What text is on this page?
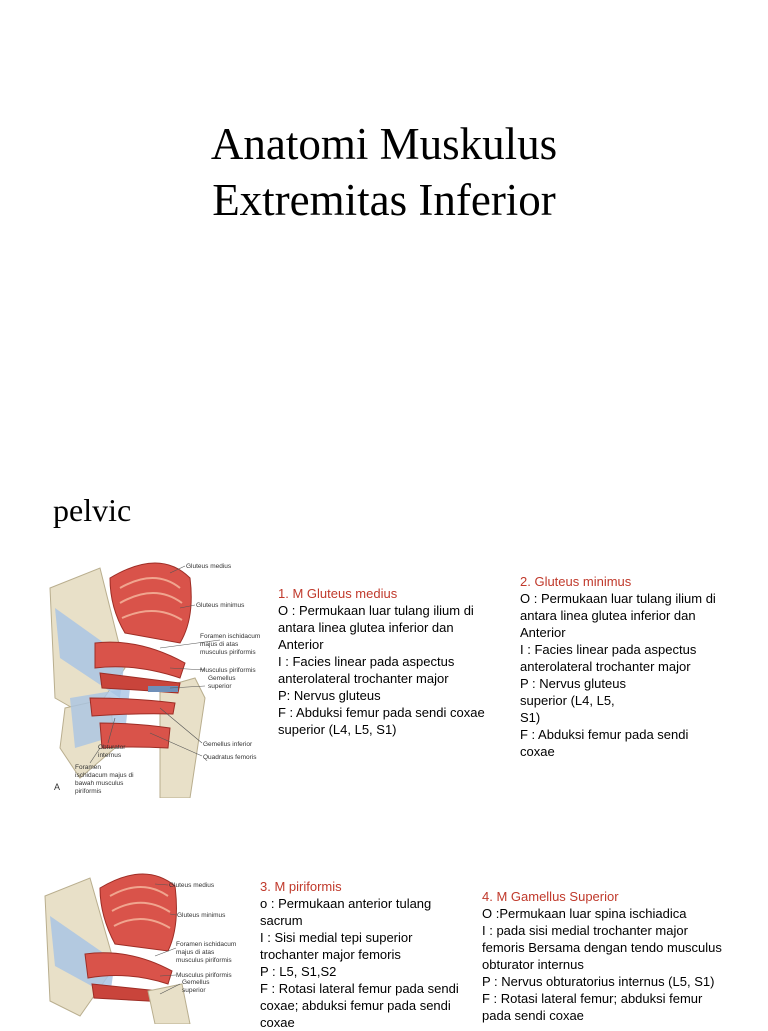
Anatomi Muskulus
Extremitas Inferior
pelvic
Gluteus medius
Gluteus minimus
Foramen ischidacum
majus di atas
musculus piriformis
Musculus piriformis
Gemellus
superior
Gemellus inferior
Quadratus femoris
Obturator
internus
Foramen
ischidacum majus di
bawah musculus
piriformis
A
1. M Gluteus medius
O : Permukaan luar tulang ilium di
antara linea glutea inferior dan
Anterior
I : Facies linear pada aspectus
anterolateral trochanter major
P: Nervus gluteus
F : Abduksi femur pada sendi coxae
superior (L4, L5, S1)
2. Gluteus minimus
O : Permukaan luar tulang ilium di
antara linea glutea inferior dan
Anterior
I : Facies linear pada aspectus
anterolateral trochanter major
P : Nervus gluteus
superior (L4, L5,
S1)
F : Abduksi femur pada sendi
coxae
Gluteus medius
Gluteus minimus
Foramen ischidacum
majus di atas
musculus piriformis
Musculus piriformis
Gemellus
superior
3. M piriformis
o : Permukaan anterior tulang
sacrum
I : Sisi medial tepi superior
trochanter major femoris
P : L5, S1,S2
F : Rotasi lateral femur pada sendi
coxae; abduksi femur pada sendi
coxae
4. M Gamellus Superior
O :Permukaan luar spina ischiadica
I : pada sisi medial trochanter major
femoris Bersama dengan tendo musculus
obturator internus
P : Nervus obturatorius internus (L5, S1)
F : Rotasi lateral femur; abduksi femur
pada sendi coxae
